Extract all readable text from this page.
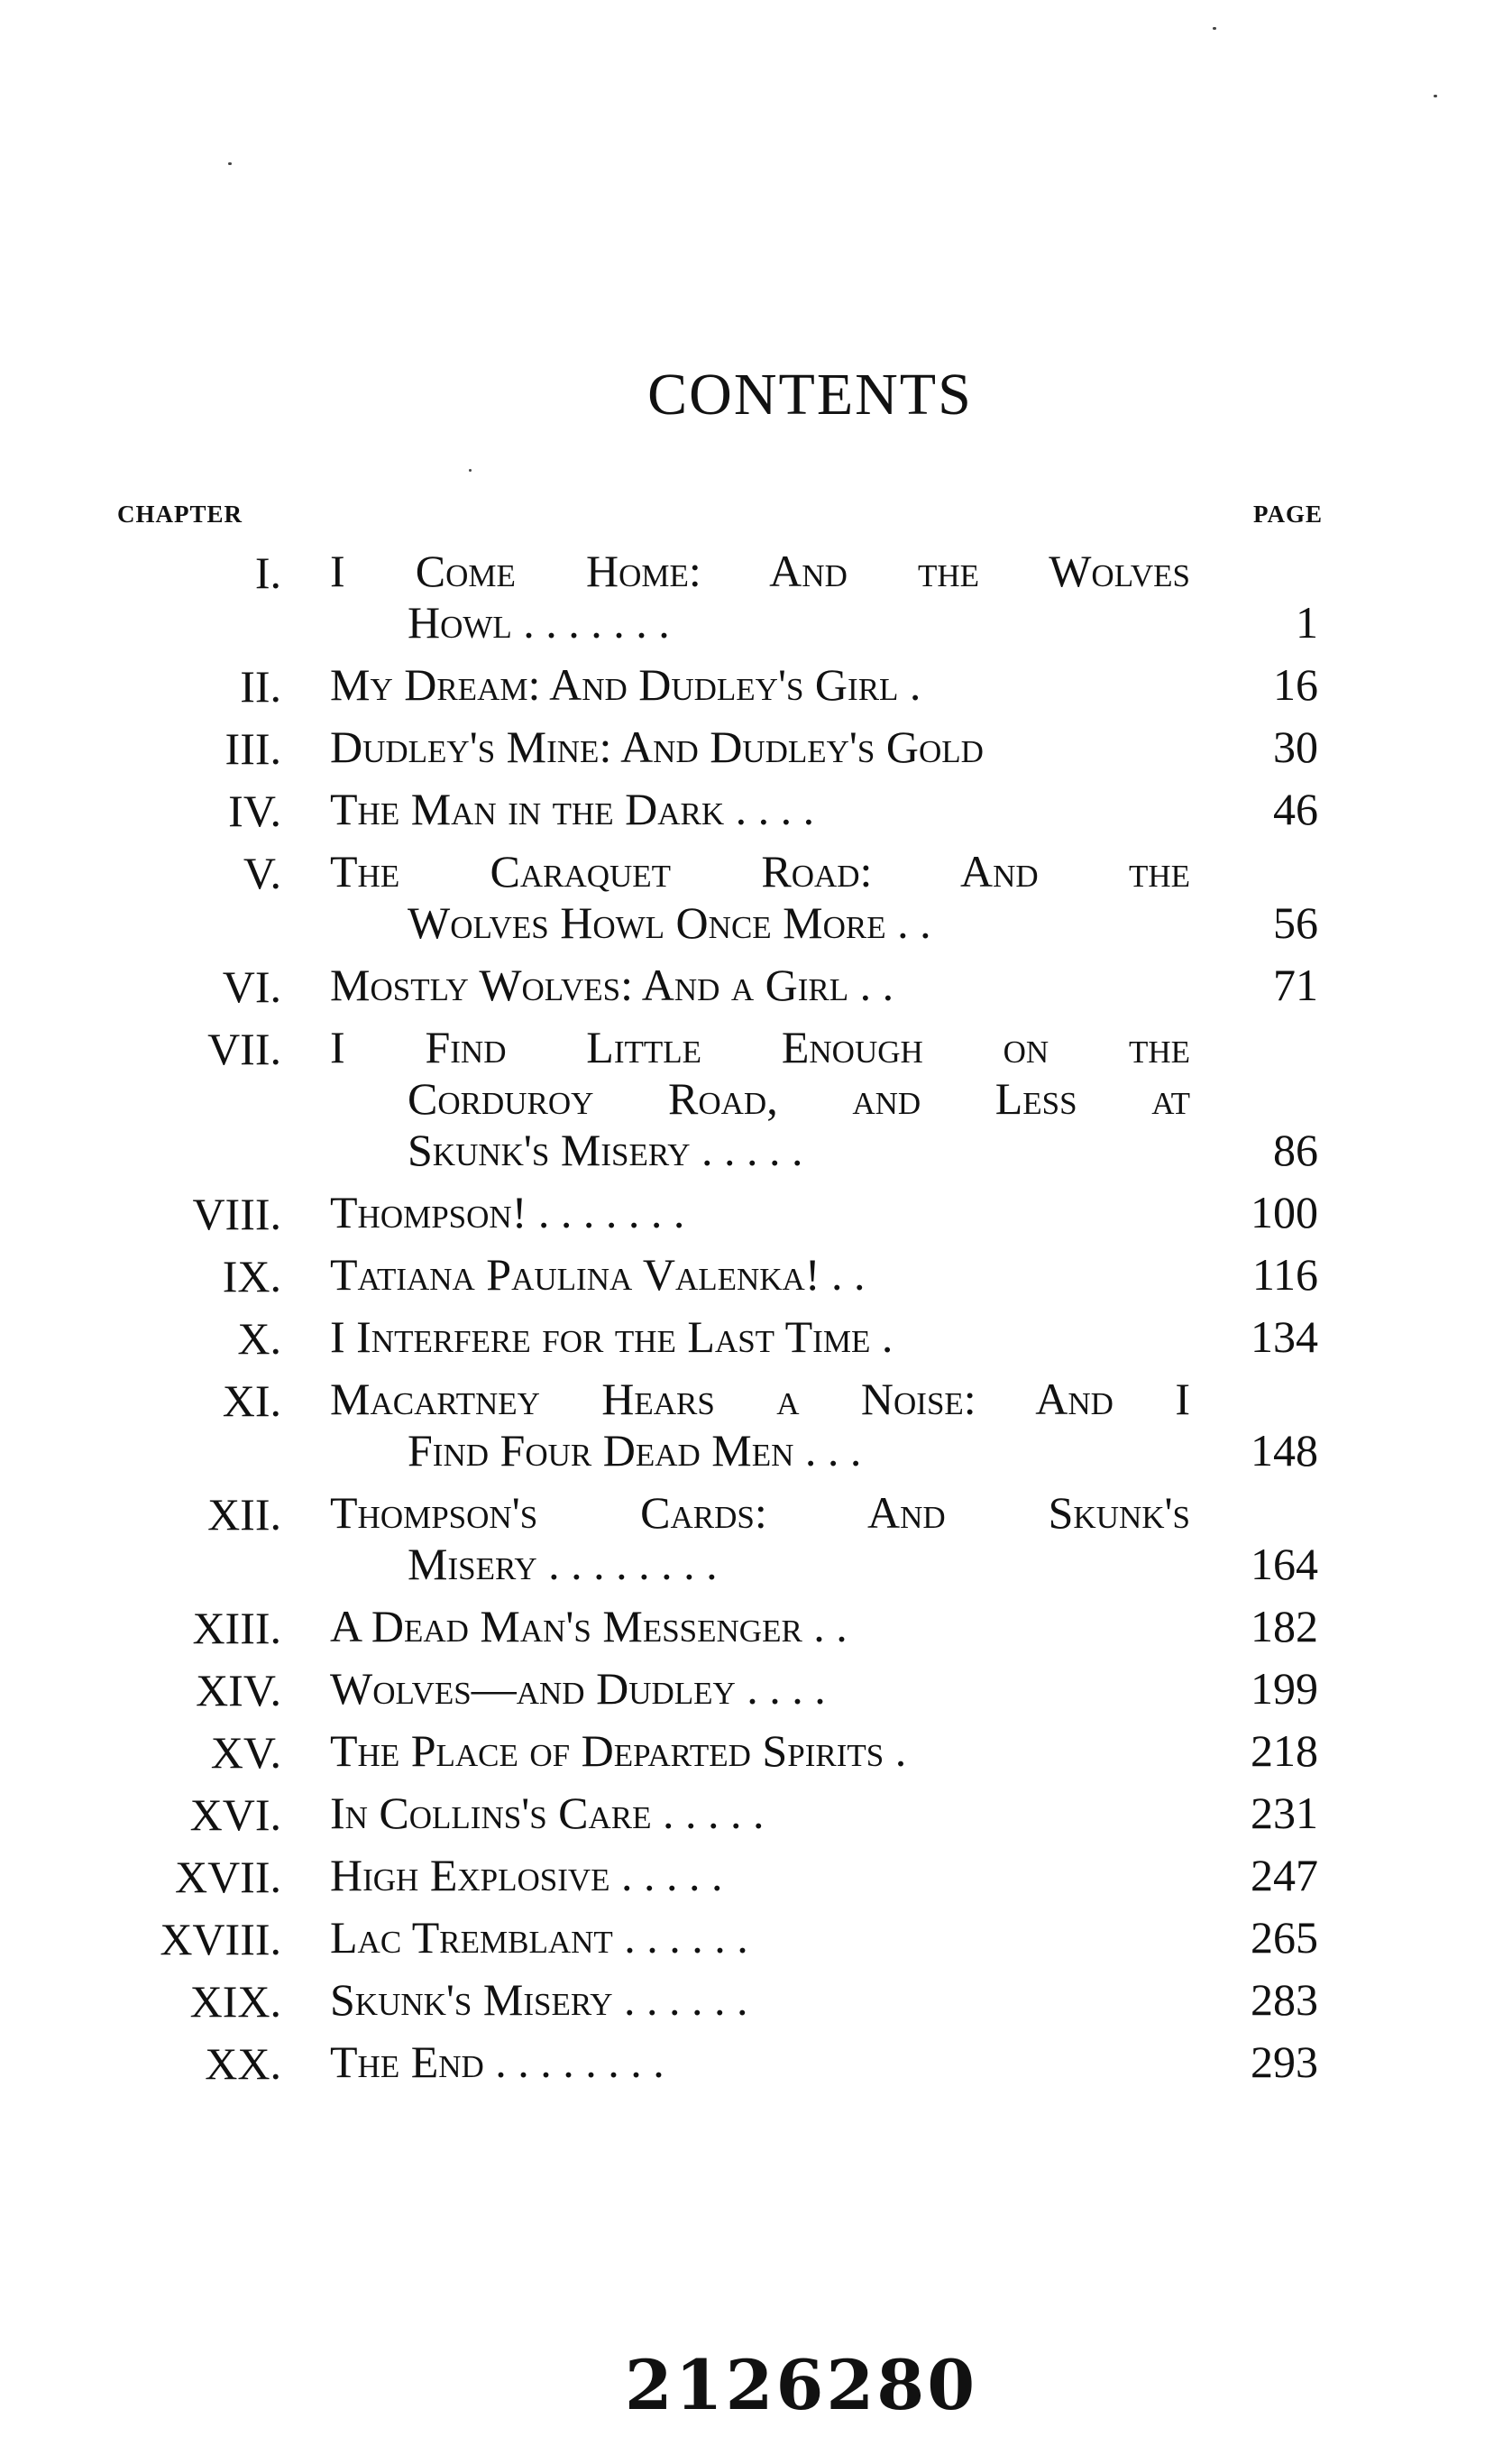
CONTENTS
CHAPTER	PAGE
I. I Come Home: And the Wolves
Howl . . . . . . .	1
II. My Dream: And Dudley's Girl .	16
III. Dudley's Mine: And Dudley's Gold	30
IV. The Man in the Dark . . . .	46
V. The Caraquet Road: And the
Wolves Howl Once More . .	56
VI. Mostly Wolves: And a Girl . .	71
VII. I Find Little Enough on the
Corduroy Road, and Less at
Skunk's Misery . . . . .	86
VIII. Thompson! . . . . . . .	100
IX. Tatiana Paulina Valenka! . .	116
X. I Interfere for the Last Time .	134
XI. Macartney Hears a Noise: And I
Find Four Dead Men . . .	148
XII. Thompson's Cards: And Skunk's
Misery . . . . . . . .	164
XIII. A Dead Man's Messenger . .	182
XIV. Wolves—and Dudley . . . .	199
XV. The Place of Departed Spirits .	218
XVI. In Collins's Care . . . . .	231
XVII. High Explosive . . . . .	247
XVIII. Lac Tremblant . . . . . .	265
XIX. Skunk's Misery . . . . . .	283
XX. The End . . . . . . . .	293
2126280
